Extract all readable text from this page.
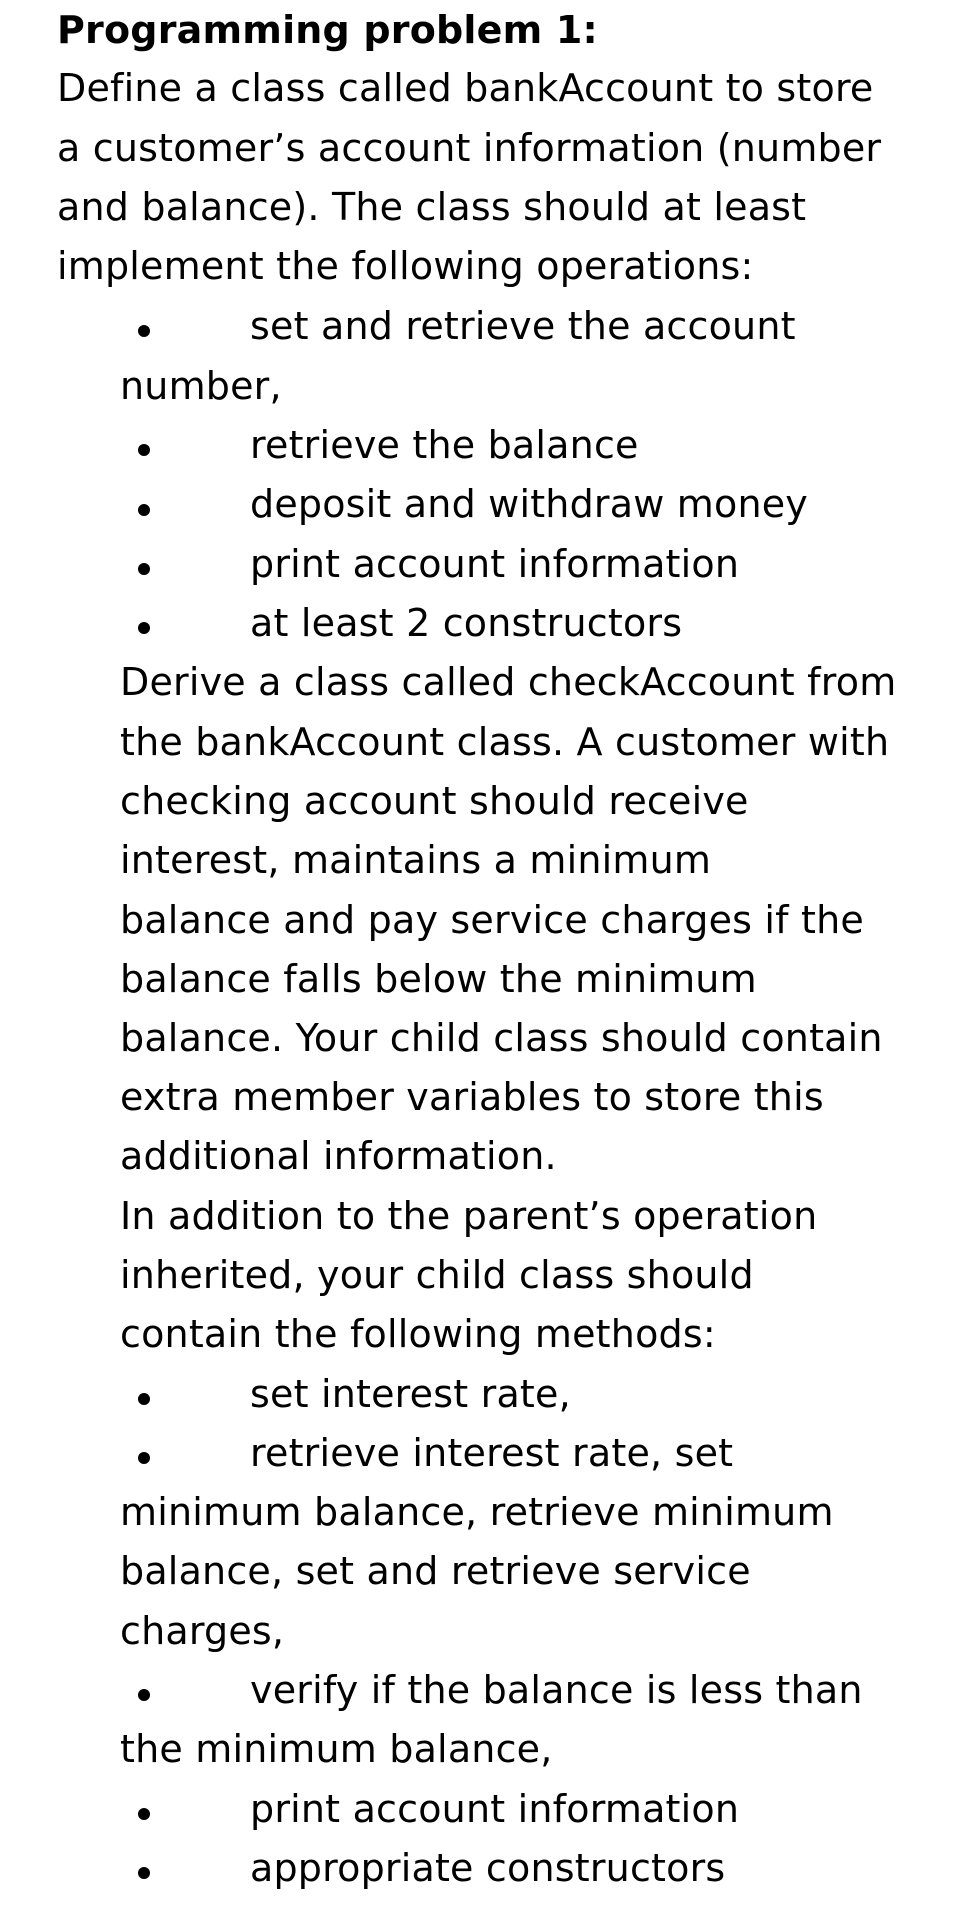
Programming problem 1:
Define a class called bankAccount to store
a customer’s account information (number
and balance). The class should at least
implement the following operations:
set and retrieve the account
number,
retrieve the balance
deposit and withdraw money
print account information
at least 2 constructors
Derive a class called checkAccount from
the bankAccount class. A customer with
checking account should receive
interest, maintains a minimum
balance and pay service charges if the
balance falls below the minimum
balance. Your child class should contain
extra member variables to store this
additional information.
In addition to the parent’s operation
inherited, your child class should
contain the following methods:
set interest rate,
retrieve interest rate, set
minimum balance, retrieve minimum
balance, set and retrieve service
charges,
verify if the balance is less than
the minimum balance,
print account information
appropriate constructors
